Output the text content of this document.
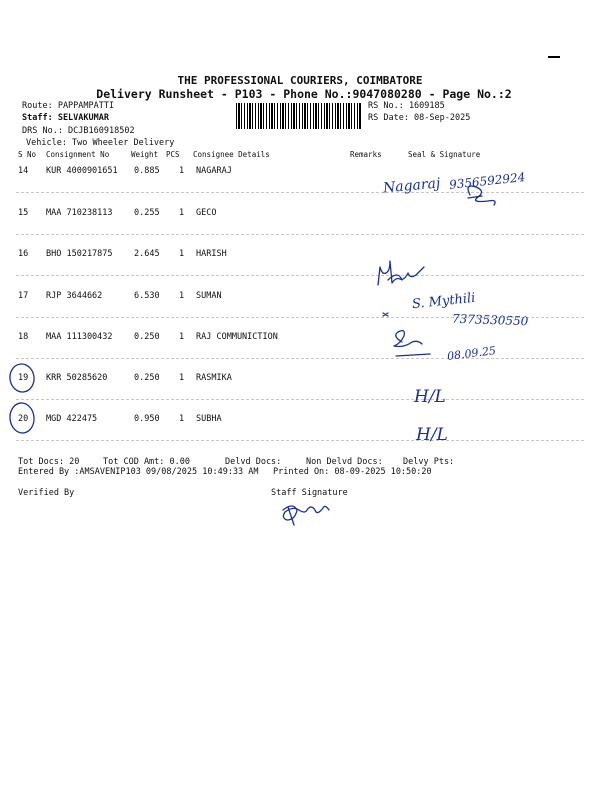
THE PROFESSIONAL COURIERS, COIMBATORE
Delivery Runsheet - P103 - Phone No.:9047080280 - Page No.:2
Route: PAPPAMPATTI
Staff: SELVAKUMAR
DRS No.: DCJB160918502
Vehicle: Two Wheeler Delivery
RS No.: 1609185
RS Date: 08-Sep-2025
S No Consignment No	Weight PCS Consignee Details	Remarks	Seal & Signature
14 KUR 4000901651 0.885 1 NAGARAJ
15 MAA 710238113	0.255 1 GECO
16 BHO 150217875	2.645 1 HARISH
17 RJP 3644662	6.530 1 SUMAN
18 MAA 111300432	0.250 1 RAJ COMMUNICTION
19 KRR 50285620	0.250 1 RASMIKA
20 MGD 422475	0.950 1 SUBHA
Nagaraj 9356592924
S. Mythili
7373530550
08.09.25
H/L
H/L
Tot Docs: 20	Tot COD Amt: 0.00	Delvd Docs:	Non Delvd Docs: Delvy Pts:
Entered By :AMSAVENIP103 09/08/2025 10:49:33 AM Printed On: 08-09-2025 10:50:20
Verified By	Staff Signature
